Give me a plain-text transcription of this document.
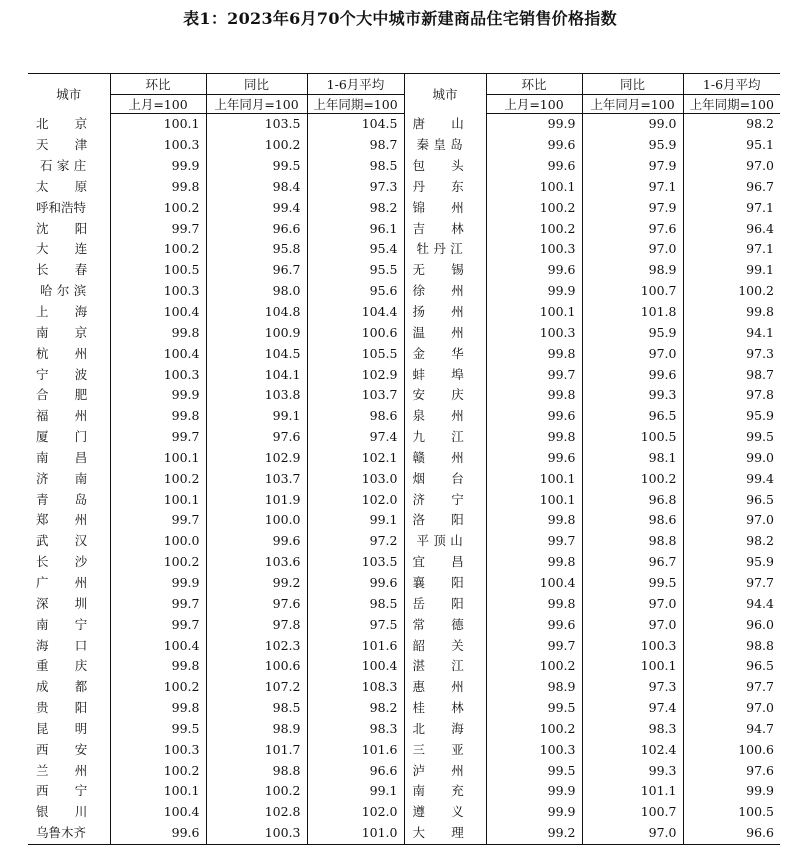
表1：2023年6月70个大中城市新建商品住宅销售价格指数
城市	环比	同比	1-6月平均	城市	环比	同比	1-6月平均
	上月=100	上年同月=100	上年同期=100		上月=100	上年同月=100	上年同期=100
北京	100.1	103.5	104.5	唐山	99.9	99.0	98.2
天津	100.3	100.2	98.7	秦皇岛	99.6	95.9	95.1
石家庄	99.9	99.5	98.5	包头	99.6	97.9	97.0
太原	99.8	98.4	97.3	丹东	100.1	97.1	96.7
呼和浩特	100.2	99.4	98.2	锦州	100.2	97.9	97.1
沈阳	99.7	96.6	96.1	吉林	100.2	97.6	96.4
大连	100.2	95.8	95.4	牡丹江	100.3	97.0	97.1
长春	100.5	96.7	95.5	无锡	99.6	98.9	99.1
哈尔滨	100.3	98.0	95.6	徐州	99.9	100.7	100.2
上海	100.4	104.8	104.4	扬州	100.1	101.8	99.8
南京	99.8	100.9	100.6	温州	100.3	95.9	94.1
杭州	100.4	104.5	105.5	金华	99.8	97.0	97.3
宁波	100.3	104.1	102.9	蚌埠	99.7	99.6	98.7
合肥	99.9	103.8	103.7	安庆	99.8	99.3	97.8
福州	99.8	99.1	98.6	泉州	99.6	96.5	95.9
厦门	99.7	97.6	97.4	九江	99.8	100.5	99.5
南昌	100.1	102.9	102.1	赣州	99.6	98.1	99.0
济南	100.2	103.7	103.0	烟台	100.1	100.2	99.4
青岛	100.1	101.9	102.0	济宁	100.1	96.8	96.5
郑州	99.7	100.0	99.1	洛阳	99.8	98.6	97.0
武汉	100.0	99.6	97.2	平顶山	99.7	98.8	98.2
长沙	100.2	103.6	103.5	宜昌	99.8	96.7	95.9
广州	99.9	99.2	99.6	襄阳	100.4	99.5	97.7
深圳	99.7	97.6	98.5	岳阳	99.8	97.0	94.4
南宁	99.7	97.8	97.5	常德	99.6	97.0	96.0
海口	100.4	102.3	101.6	韶关	99.7	100.3	98.8
重庆	99.8	100.6	100.4	湛江	100.2	100.1	96.5
成都	100.2	107.2	108.3	惠州	98.9	97.3	97.7
贵阳	99.8	98.5	98.2	桂林	99.5	97.4	97.0
昆明	99.5	98.9	98.3	北海	100.2	98.3	94.7
西安	100.3	101.7	101.6	三亚	100.3	102.4	100.6
兰州	100.2	98.8	96.6	泸州	99.5	99.3	97.6
西宁	100.1	100.2	99.1	南充	99.9	101.1	99.9
银川	100.4	102.8	102.0	遵义	99.9	100.7	100.5
乌鲁木齐	99.6	100.3	101.0	大理	99.2	97.0	96.6
